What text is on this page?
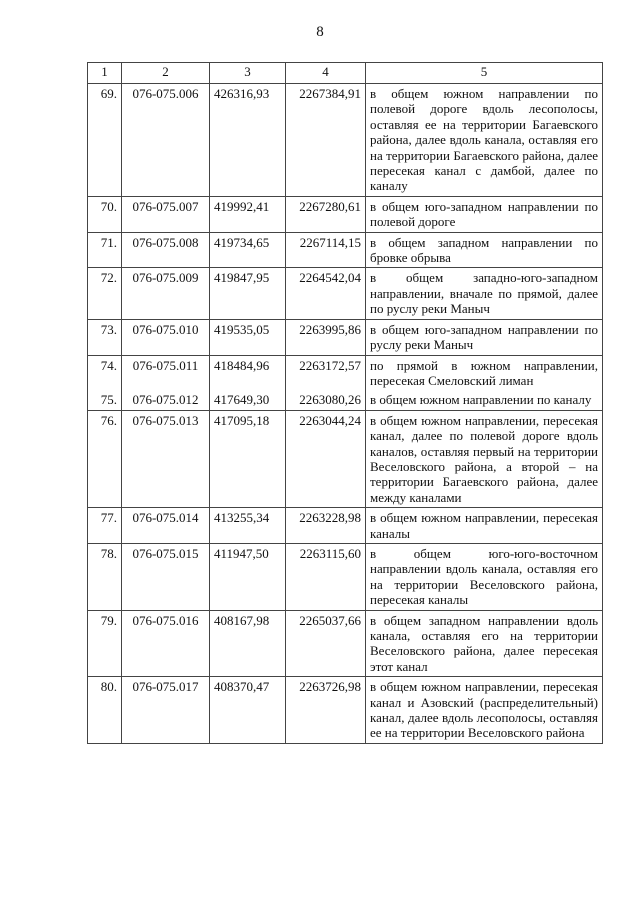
8
1	2	3	4	5
69.	076-075.006	426316,93	2267384,91	в общем южном направлении по полевой дороге вдоль лесополосы, оставляя ее на территории Багаевского района, далее вдоль канала, оставляя его на территории Багаевского района, далее пересекая канал с дамбой, далее по каналу
70.	076-075.007	419992,41	2267280,61	в общем юго-западном направлении по полевой дороге
71.	076-075.008	419734,65	2267114,15	в общем западном направлении по бровке обрыва
72.	076-075.009	419847,95	2264542,04	в общем западно-юго-западном направлении, вначале по прямой, далее по руслу реки Маныч
73.	076-075.010	419535,05	2263995,86	в общем юго-западном направлении по руслу реки Маныч
74.	076-075.011	418484,96	2263172,57	по прямой в южном направлении, пересекая Смеловский лиман
75.	076-075.012	417649,30	2263080,26	в общем южном направлении по каналу
76.	076-075.013	417095,18	2263044,24	в общем южном направлении, пересекая канал, далее по полевой дороге вдоль каналов, оставляя первый на территории Веселовского района, а второй – на территории Багаевского района, далее между каналами
77.	076-075.014	413255,34	2263228,98	в общем южном направлении, пересекая каналы
78.	076-075.015	411947,50	2263115,60	в общем юго-юго-восточном направлении вдоль канала, оставляя его на территории Веселовского района, пересекая каналы
79.	076-075.016	408167,98	2265037,66	в общем западном направлении вдоль канала, оставляя его на территории Веселовского района, далее пересекая этот канал
80.	076-075.017	408370,47	2263726,98	в общем южном направлении, пересекая канал и Азовский (распределительный) канал, далее вдоль лесополосы, оставляя ее на территории Веселовского района
